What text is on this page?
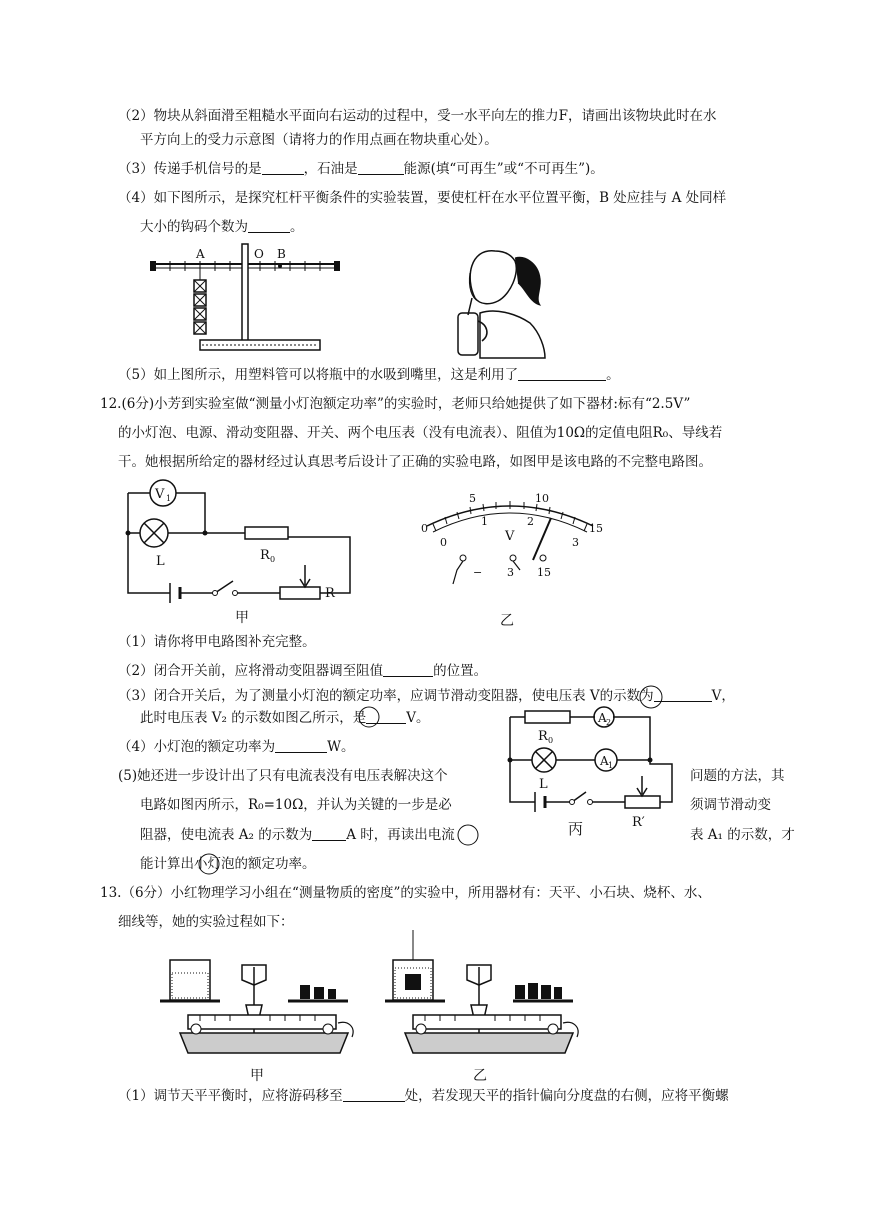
（2）物块从斜面滑至粗糙水平面向右运动的过程中，受一水平向左的推力F，请画出该物块此时在水
平方向上的受力示意图（请将力的作用点画在物块重心处）。
（3）传递手机信号的是	，石油是	能源(填“可再生”或“不可再生”)。
（4）如下图所示，是探究杠杆平衡条件的实验装置，要使杠杆在水平位置平衡，B 处应挂与 A 处同样
大小的钩码个数为	。
A	O B
（5）如上图所示，用塑料管可以将瓶中的水吸到嘴里，这是利用了	。
12.(6分)小芳到实验室做“测量小灯泡额定功率”的实验时，老师只给她提供了如下器材:标有“2.5V”
的小灯泡、电源、滑动变阻器、开关、两个电压表（没有电流表）、阻值为10Ω的定值电阻R₀、导线若
干。她根据所给定的器材经过认真思考后设计了正确的实验电路，如图甲是该电路的不完整电路图。
V 1
L	R 0
R
甲
0
5	10
15
0
1	2
3
V
− 3 15
乙
（1）请你将甲电路图补充完整。
（2）闭合开关前，应将滑动变阻器调至阻值	的位置。
（3）闭合开关后，为了测量小灯泡的额定功率，应调节滑动变阻器，使电压表 V的示数为	V，
此时电压表 V₂ 的示数如图乙所示，是	V。
（4）小灯泡的额定功率为	W。
A 2
A 1
R 0
L
R′
丙
(5)她还进一步设计出了只有电流表没有电压表解决这个	问题的方法，其
电路如图丙所示，R₀=10Ω，并认为关键的一步是必	须调节滑动变
阻器，使电流表 A₂ 的示数为	A 时，再读出电流	表 A₁ 的示数，才
能计算出小灯泡的额定功率。
13.（6分）小红物理学习小组在“测量物质的密度”的实验中，所用器材有：天平、小石块、烧杯、水、
细线等，她的实验过程如下：
甲	乙
（1）调节天平平衡时，应将游码移至	处，若发现天平的指针偏向分度盘的右侧，应将平衡螺
